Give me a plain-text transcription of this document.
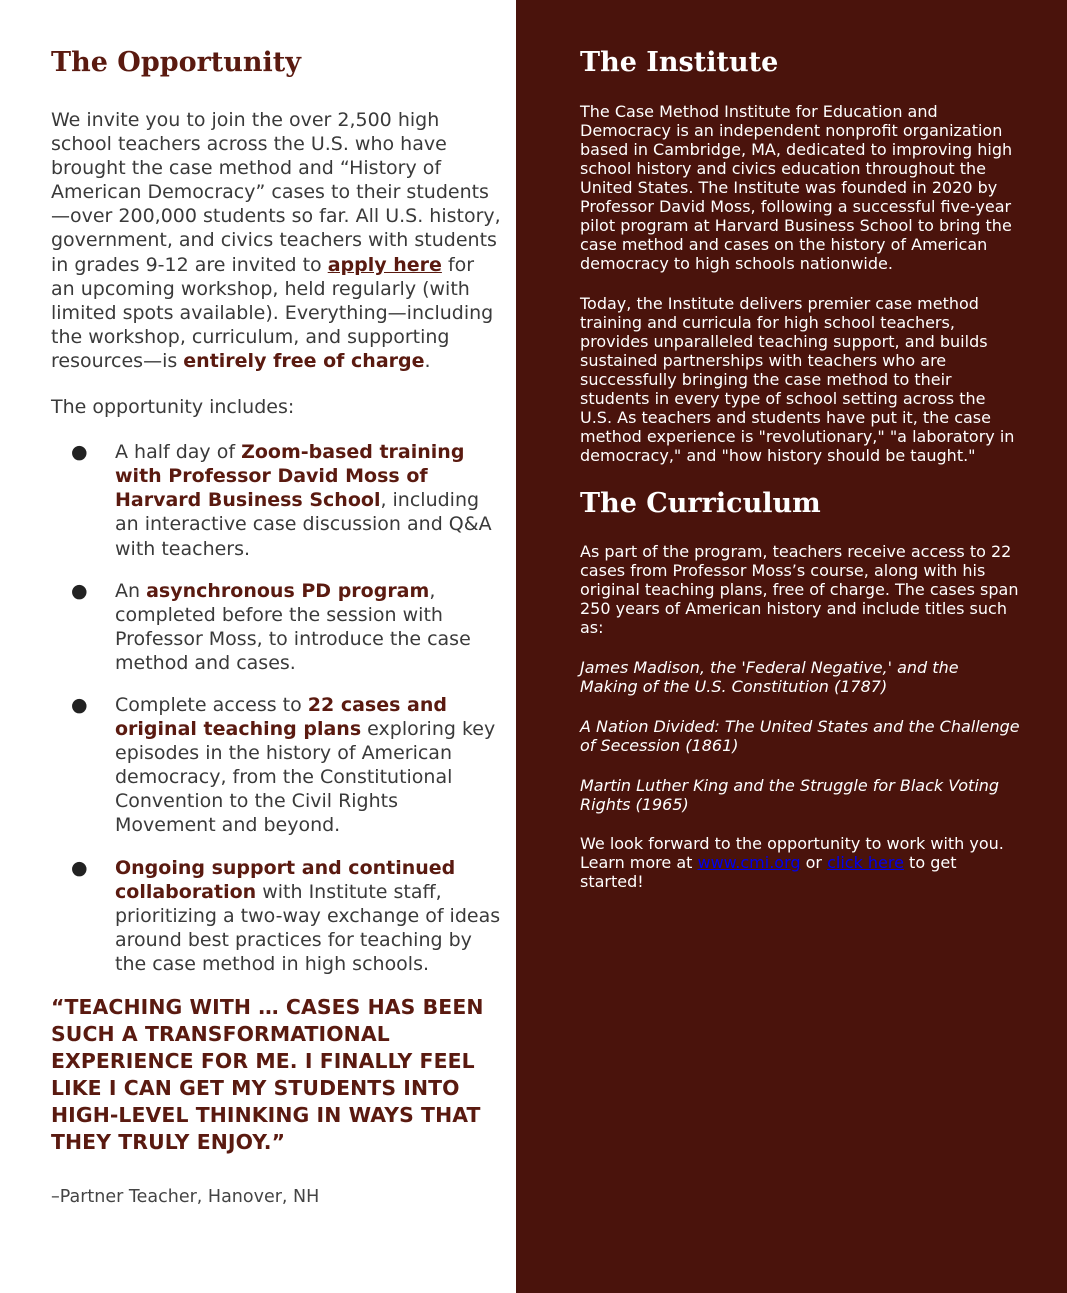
The Opportunity

We invite you to join the over 2,500 high school teachers across the U.S. who have brought the case method and “History of American Democracy” cases to their students—over 200,000 students so far. All U.S. history, government, and civics teachers with students in grades 9-12 are invited to apply here for an upcoming workshop, held regularly (with limited spots available). Everything—including the workshop, curriculum, and supporting resources—is entirely free of charge.

The opportunity includes:

● A half day of Zoom-based training with Professor David Moss of Harvard Business School, including an interactive case discussion and Q&A with teachers.
● An asynchronous PD program, completed before the session with Professor Moss, to introduce the case method and cases.
● Complete access to 22 cases and original teaching plans exploring key episodes in the history of American democracy, from the Constitutional Convention to the Civil Rights Movement and beyond.
● Ongoing support and continued collaboration with Institute staff, prioritizing a two-way exchange of ideas around best practices for teaching by the case method in high schools.

“TEACHING WITH … CASES HAS BEEN SUCH A TRANSFORMATIONAL EXPERIENCE FOR ME. I FINALLY FEEL LIKE I CAN GET MY STUDENTS INTO HIGH-LEVEL THINKING IN WAYS THAT THEY TRULY ENJOY.”

–Partner Teacher, Hanover, NH

The Institute

The Case Method Institute for Education and Democracy is an independent nonprofit organization based in Cambridge, MA, dedicated to improving high school history and civics education throughout the United States. The Institute was founded in 2020 by Professor David Moss, following a successful five-year pilot program at Harvard Business School to bring the case method and cases on the history of American democracy to high schools nationwide.

Today, the Institute delivers premier case method training and curricula for high school teachers, provides unparalleled teaching support, and builds sustained partnerships with teachers who are successfully bringing the case method to their students in every type of school setting across the U.S. As teachers and students have put it, the case method experience is "revolutionary," "a laboratory in democracy," and "how history should be taught."

The Curriculum

As part of the program, teachers receive access to 22 cases from Professor Moss’s course, along with his original teaching plans, free of charge. The cases span 250 years of American history and include titles such as:

James Madison, the 'Federal Negative,' and the Making of the U.S. Constitution (1787)

A Nation Divided: The United States and the Challenge of Secession (1861)

Martin Luther King and the Struggle for Black Voting Rights (1965)

We look forward to the opportunity to work with you. Learn more at www.cmi.org or click here to get started!
